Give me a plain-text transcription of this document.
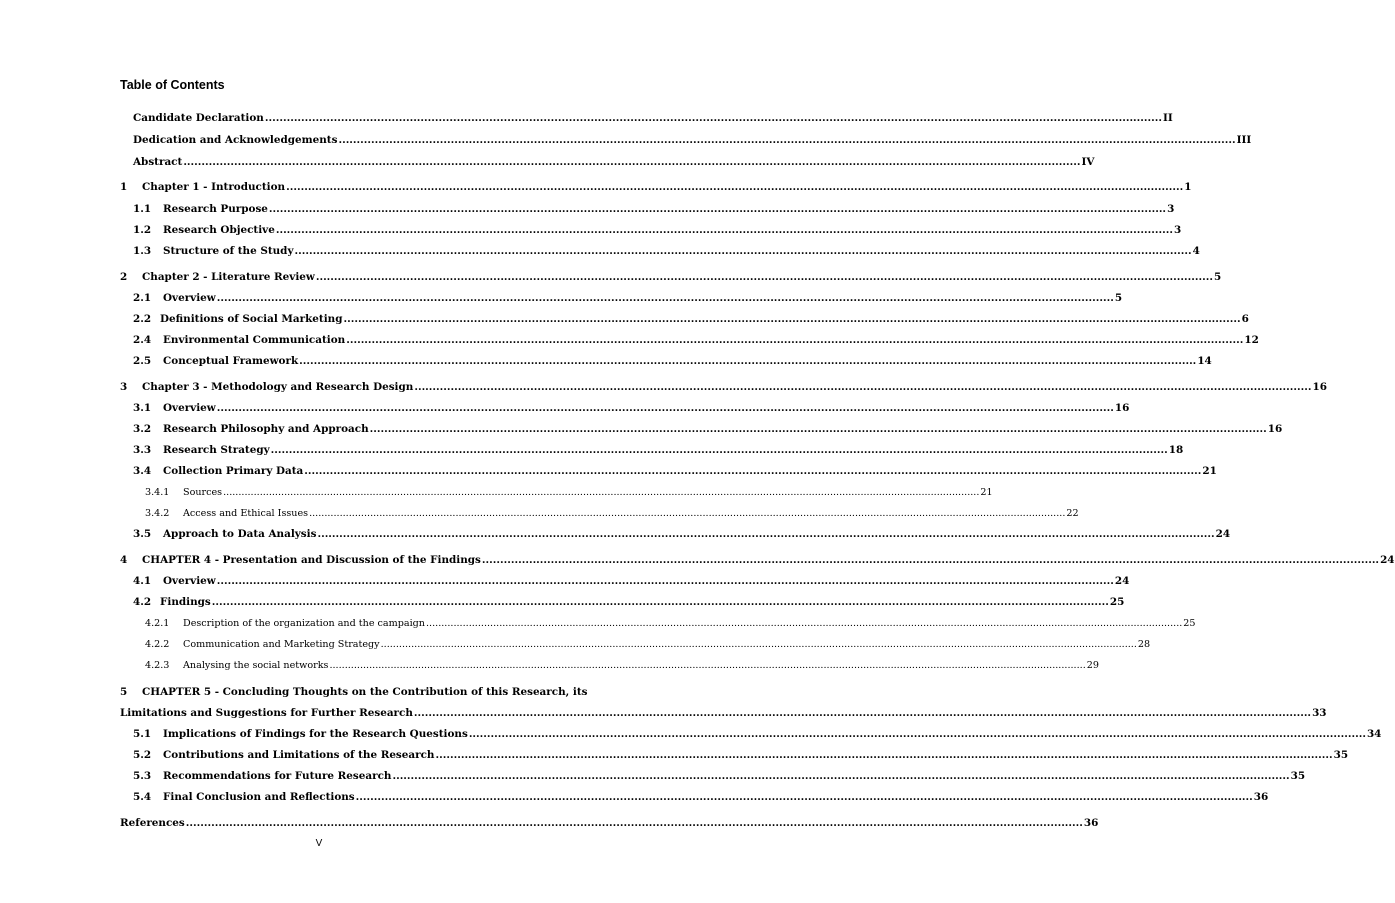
Table of Contents
Candidate Declaration .....	II
Dedication and Acknowledgements .....	III
Abstract .....	IV
1	Chapter 1 - Introduction .....	1
1.1	Research Purpose .....	3
1.2	Research Objective .....	3
1.3	Structure of the Study .....	4
2	Chapter 2 - Literature Review .....	5
2.1	Overview .....	5
2.2 Definitions of Social Marketing .....	6
2.4	Environmental Communication .....	12
2.5	Conceptual Framework .....	14
3	Chapter 3 - Methodology and Research Design .....	16
3.1	Overview .....	16
3.2	Research Philosophy and Approach .....	16
3.3	Research Strategy .....	18
3.4	Collection Primary Data .....	21
3.4.1	Sources .....	21
3.4.2	Access and Ethical Issues .....	22
3.5	Approach to Data Analysis .....	24
4	CHAPTER 4 - Presentation and Discussion of the Findings .....	24
4.1	Overview .....	24
4.2 Findings .....	25
4.2.1	Description of the organization and the campaign .....	25
4.2.2	Communication and Marketing Strategy .....	28
4.2.3	Analysing the social networks .....	29
5 CHAPTER 5 - Concluding Thoughts on the Contribution of this Research, its
Limitations and Suggestions for Further Research .....	33
5.1	Implications of Findings for the Research Questions .....	34
5.2	Contributions and Limitations of the Research .....	35
5.3	Recommendations for Future Research .....	35
5.4	Final Conclusion and Reflections .....	36
References .....	36
V
